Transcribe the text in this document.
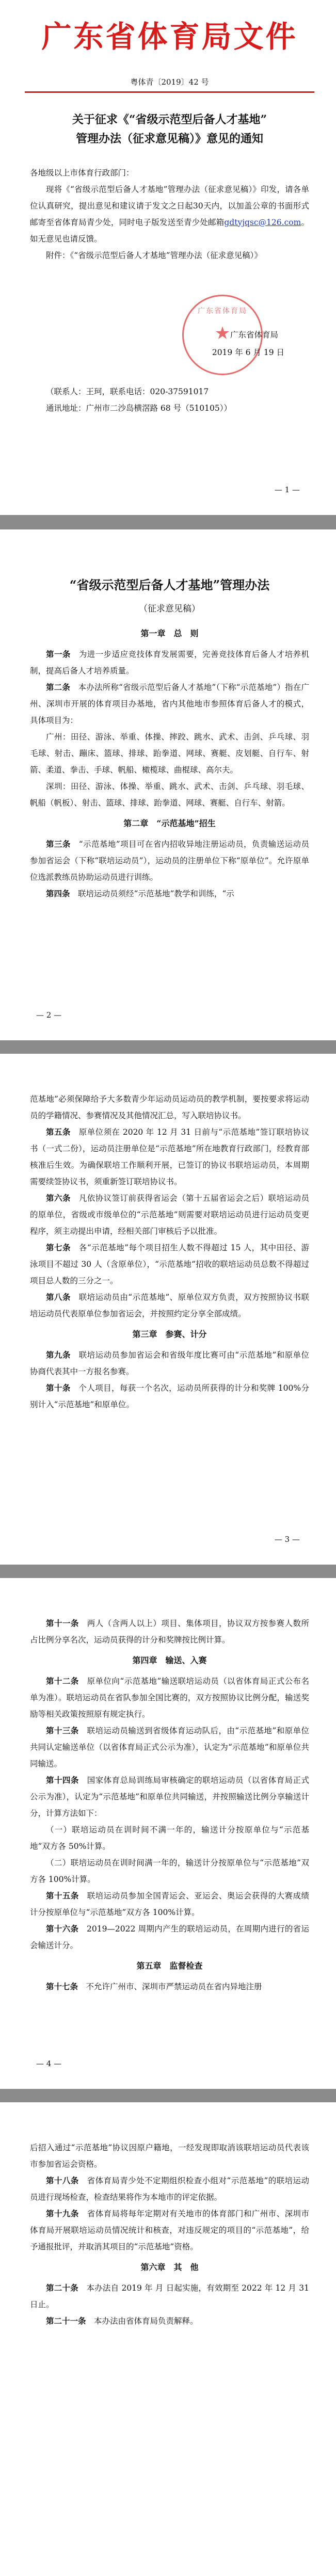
广东省体育局文件
粤体青〔2019〕42 号
关于征求《“省级示范型后备人才基地”
管理办法（征求意见稿）》意见的通知

各地级以上市体育行政部门：

现将《“省级示范型后备人才基地”管理办法（征求意见稿）》印发，请各单位认真研究，提出意见和建议请于发文之日起30天内，以加盖公章的书面形式邮寄至省体育局青少处，同时电子版发送至青少处邮箱gdtyjqsc@126.com。如无意见也请反馈。

附件：《“省级示范型后备人才基地”管理办法（征求意见稿）》

广东省体育局
★ 广东省体育局
2019 年 6 月 19 日
（联系人：王珂，联系电话：020-37591017
通讯地址：广州市二沙岛横滘路 68 号（510105））
— 1 —
“省级示范型后备人才基地”管理办法
（征求意见稿）
第一章　总　则

第一条　 为进一步适应竞技体育发展需要，完善竞技体育后备人才培养机制，提高后备人才培养质量。

第二条　 本办法所称“省级示范型后备人才基地”（下称“示范基地”）指在广州、深圳市开展的体育项目办基地，省内其他地市参照体育后备人才的模式，具体项目为：

广州：田径、游泳、举重、体操、摔跤、跳水、武术、击剑、乒乓球、羽毛球、射击、蹦床、篮球、排球、跆拳道、网球、赛艇、皮划艇、自行车、射箭、柔道、拳击、手球、帆船、橄榄球、曲棍球、高尔夫。

深圳：田径、游泳、体操、举重、跳水、武术、击剑、乒乓球、羽毛球、帆船（帆板）、射击、篮球、排球、跆拳道、网球、赛艇、自行车、射箭。

第二章　“示范基地”招生

第三条　 “示范基地”项目可在省内招收异地注册运动员，负责输送运动员参加省运会（下称“联培运动员”），运动员的注册单位下称“原单位”。允许原单位选派教练员协助运动员进行训练。

第四条　 联培运动员须经“示范基地”教学和训练，“示

— 2 —

范基地”必须保障给予大多数青少年运动员运动员的教学机制，要按要求将运动员的学籍情况、参赛情况及其他情况汇总，写入联培协议书。

第五条　 原单位须在 2020 年 12 月 31 日前与“示范基地”签订联培协议书（一式二份），运动员注册单位是“示范基地”所在地教育行政部门，经教育部核准后生效。为确保联培工作顺利开展，已签订的协议书联培运动员，本周期需要续签协议书，须重新签订联培协议书。

第六条　 凡依协议签订前获得省运会（第十五届省运会之后）联培运动员的原单位，省级或市级单位的“示范基地”则需要对联培运动员进行运动员变更程序，须主动提出申请，经相关部门审核后予以批准。

第七条　 各“示范基地”每个项目招生人数不得超过 15 人，其中田径、游泳项目不超过 30 人（含原单位），“示范基地”招收的联培运动员总数不得超过项目总人数的三分之一。

第八条　 联培运动员由“示范基地”、原单位双方负责，双方按照协议书联培运动员代表原单位参加省运会，并按照约定分享全部成绩。

第三章　参赛、计分

第九条　 联培运动员参加省运会和省级年度比赛可由“示范基地”和原单位协商代表其中一方报名参赛。

第十条　 个人项目，每获一个名次，运动员所获得的计分和奖牌 100%分别计入“示范基地”和原单位。

— 3 —

第十一条　 两人（含两人以上）项目、集体项目，协议双方按参赛人数所占比例分享名次，运动员获得的计分和奖牌按比例计算。

第四章　输送、入赛

第十二条　 原单位向“示范基地”输送联培运动员（以省体育局正式公布名单为准）。联培运动员在省队参加全国比赛的，双方按照协议比例分配，输送奖励等相关政策按照原有规定执行。

第十三条　 联培运动员输送到省级体育运动队后，由“示范基地”和原单位共同认定输送单位（以省体育局正式公示为准），认定为“示范基地”和原单位共同输送。

第十四条　 国家体育总局训练局审核确定的联培运动员（以省体育局正式公示为准），认定为“示范基地”和原单位共同输送，并按照输送比例分享输送计分，计算方法如下：

（一）联培运动员在训时间不满一年的，输送计分按原单位与“示范基地”双方各 50%计算。

（二）联培运动员在训时间满一年的，输送计分按原单位与“示范基地”双方各 100%计算。

第十五条　 联培运动员参加全国青运会、亚运会、奥运会获得的大赛成绩计分按原单位与“示范基地”双方各 100%计算。

第十六条　 2019—2022 周期内产生的联培运动员，在周期内进行的省运会输送计分。

第五章　监督检查

第十七条　 不允许广州市、深圳市严禁运动员在省内异地注册

— 4 —

后招入通过“示范基地”协议因原户籍地，一经发现即取消该联培运动员代表该市参加省运会资格。

第十八条　 省体育局青少处不定期组织检查小组对“示范基地”的联培运动员进行现场检查，检查结果将作为本地市的评定依据。

第十九条　 省体育局将每年定期对有关地市的体育部门和广州市、深圳市体育局开展联培运动员情况统计和核查，对违反规定的项目的“示范基地”，给予通报批评，并取消其项目的“示范基地”资格。

第六章　其　他

第二十条　 本办法自 2019 年 月 日起实施，有效期至 2022 年 12 月 31 日止。

第二十一条　 本办法由省体育局负责解释。
